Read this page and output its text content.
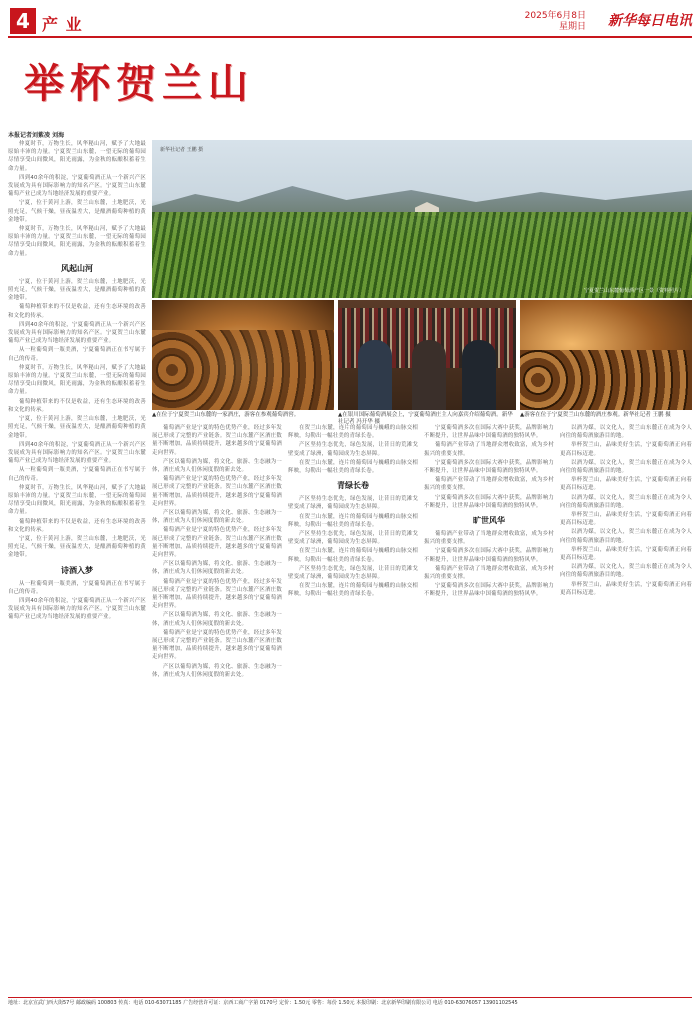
4 产 业	2025年6月8日
星期日 新华每日电讯
举杯贺兰山
本报记者刘紫凌 刘海
新华社记者 王鹏 摄
宁夏贺兰山东麓葡萄酒产区一景（资料照片）
▲在位于宁夏贺兰山东麓的一家酒庄，游客在参观葡萄酒窖。	▲在银川国际葡萄酒展会上，宁夏葡萄酒庄主人向嘉宾介绍葡萄酒。新华社记者 冯开华 摄
▲游客在位于宁夏贺兰山东麓的酒庄参观。新华社记者 王鹏 摄
仲夏时节，万物生长，风华秘山河，赋予了大地最原始丰沛的力量。宁夏贺兰山东麓，一望无际的葡萄园尽情享受山间微风，阳光雨露，为金秋的酝酿积蓄着生命力量。
四到40余年的积淀，宁夏葡萄酒正从一个新兴产区发展成为具有国际影响力的知名产区。宁夏贺兰山东麓葡萄产业已成为当地经济发展的重要产业。
宁夏，位于黄河上游，贺兰山东麓，土地肥沃，光照充足，气候干燥，昼夜温差大，是酿酒葡萄种植的黄金地带。
仲夏时节，万物生长，风华秘山河，赋予了大地最原始丰沛的力量。宁夏贺兰山东麓，一望无际的葡萄园尽情享受山间微风，阳光雨露，为金秋的酝酿积蓄着生命力量。
风起山河
宁夏，位于黄河上游，贺兰山东麓，土地肥沃，光照充足，气候干燥，昼夜温差大，是酿酒葡萄种植的黄金地带。
葡萄种植带来的不仅是收益，还有生态环境的改善和文化的传承。
四到40余年的积淀，宁夏葡萄酒正从一个新兴产区发展成为具有国际影响力的知名产区。宁夏贺兰山东麓葡萄产业已成为当地经济发展的重要产业。
从一粒葡萄到一瓶美酒，宁夏葡萄酒正在书写属于自己的传奇。
仲夏时节，万物生长，风华秘山河，赋予了大地最原始丰沛的力量。宁夏贺兰山东麓，一望无际的葡萄园尽情享受山间微风，阳光雨露，为金秋的酝酿积蓄着生命力量。
葡萄种植带来的不仅是收益，还有生态环境的改善和文化的传承。
宁夏，位于黄河上游，贺兰山东麓，土地肥沃，光照充足，气候干燥，昼夜温差大，是酿酒葡萄种植的黄金地带。
四到40余年的积淀，宁夏葡萄酒正从一个新兴产区发展成为具有国际影响力的知名产区。宁夏贺兰山东麓葡萄产业已成为当地经济发展的重要产业。
从一粒葡萄到一瓶美酒，宁夏葡萄酒正在书写属于自己的传奇。
仲夏时节，万物生长，风华秘山河，赋予了大地最原始丰沛的力量。宁夏贺兰山东麓，一望无际的葡萄园尽情享受山间微风，阳光雨露，为金秋的酝酿积蓄着生命力量。
葡萄种植带来的不仅是收益，还有生态环境的改善和文化的传承。
宁夏，位于黄河上游，贺兰山东麓，土地肥沃，光照充足，气候干燥，昼夜温差大，是酿酒葡萄种植的黄金地带。
诗酒入梦
从一粒葡萄到一瓶美酒，宁夏葡萄酒正在书写属于自己的传奇。
四到40余年的积淀，宁夏葡萄酒正从一个新兴产区发展成为具有国际影响力的知名产区。宁夏贺兰山东麓葡萄产业已成为当地经济发展的重要产业。
葡萄酒产业是宁夏的特色优势产业，经过多年发展已形成了完整的产业链条。贺兰山东麓产区酒庄数量不断增加，品质持续提升，越来越多的宁夏葡萄酒走向世界。
产区以葡萄酒为媒，将文化、旅游、生态融为一体，酒庄成为人们休闲度假的新去处。
葡萄酒产业是宁夏的特色优势产业，经过多年发展已形成了完整的产业链条。贺兰山东麓产区酒庄数量不断增加，品质持续提升，越来越多的宁夏葡萄酒走向世界。
产区以葡萄酒为媒，将文化、旅游、生态融为一体，酒庄成为人们休闲度假的新去处。
葡萄酒产业是宁夏的特色优势产业，经过多年发展已形成了完整的产业链条。贺兰山东麓产区酒庄数量不断增加，品质持续提升，越来越多的宁夏葡萄酒走向世界。
产区以葡萄酒为媒，将文化、旅游、生态融为一体，酒庄成为人们休闲度假的新去处。
葡萄酒产业是宁夏的特色优势产业，经过多年发展已形成了完整的产业链条。贺兰山东麓产区酒庄数量不断增加，品质持续提升，越来越多的宁夏葡萄酒走向世界。
产区以葡萄酒为媒，将文化、旅游、生态融为一体，酒庄成为人们休闲度假的新去处。
葡萄酒产业是宁夏的特色优势产业，经过多年发展已形成了完整的产业链条。贺兰山东麓产区酒庄数量不断增加，品质持续提升，越来越多的宁夏葡萄酒走向世界。
产区以葡萄酒为媒，将文化、旅游、生态融为一体，酒庄成为人们休闲度假的新去处。
在贺兰山东麓，连片的葡萄园与巍峨的山脉交相辉映，勾勒出一幅壮美的青绿长卷。
产区坚持生态优先，绿色发展，让昔日的荒滩戈壁变成了绿洲，葡萄园成为生态屏障。
在贺兰山东麓，连片的葡萄园与巍峨的山脉交相辉映，勾勒出一幅壮美的青绿长卷。
青绿长卷
产区坚持生态优先，绿色发展，让昔日的荒滩戈壁变成了绿洲，葡萄园成为生态屏障。
在贺兰山东麓，连片的葡萄园与巍峨的山脉交相辉映，勾勒出一幅壮美的青绿长卷。
产区坚持生态优先，绿色发展，让昔日的荒滩戈壁变成了绿洲，葡萄园成为生态屏障。
在贺兰山东麓，连片的葡萄园与巍峨的山脉交相辉映，勾勒出一幅壮美的青绿长卷。
产区坚持生态优先，绿色发展，让昔日的荒滩戈壁变成了绿洲，葡萄园成为生态屏障。
在贺兰山东麓，连片的葡萄园与巍峨的山脉交相辉映，勾勒出一幅壮美的青绿长卷。
宁夏葡萄酒多次在国际大赛中获奖，品牌影响力不断提升，让世界品味中国葡萄酒的独特风华。
葡萄酒产业带动了当地群众增收致富，成为乡村振兴的重要支撑。
宁夏葡萄酒多次在国际大赛中获奖，品牌影响力不断提升，让世界品味中国葡萄酒的独特风华。
葡萄酒产业带动了当地群众增收致富，成为乡村振兴的重要支撑。
宁夏葡萄酒多次在国际大赛中获奖，品牌影响力不断提升，让世界品味中国葡萄酒的独特风华。
旷世风华
葡萄酒产业带动了当地群众增收致富，成为乡村振兴的重要支撑。
宁夏葡萄酒多次在国际大赛中获奖，品牌影响力不断提升，让世界品味中国葡萄酒的独特风华。
葡萄酒产业带动了当地群众增收致富，成为乡村振兴的重要支撑。
宁夏葡萄酒多次在国际大赛中获奖，品牌影响力不断提升，让世界品味中国葡萄酒的独特风华。
以酒为媒，以文化人，贺兰山东麓正在成为令人向往的葡萄酒旅游目的地。
举杯贺兰山，品味美好生活，宁夏葡萄酒正向着更高目标迈进。
以酒为媒，以文化人，贺兰山东麓正在成为令人向往的葡萄酒旅游目的地。
举杯贺兰山，品味美好生活，宁夏葡萄酒正向着更高目标迈进。
以酒为媒，以文化人，贺兰山东麓正在成为令人向往的葡萄酒旅游目的地。
举杯贺兰山，品味美好生活，宁夏葡萄酒正向着更高目标迈进。
以酒为媒，以文化人，贺兰山东麓正在成为令人向往的葡萄酒旅游目的地。
举杯贺兰山，品味美好生活，宁夏葡萄酒正向着更高目标迈进。
以酒为媒，以文化人，贺兰山东麓正在成为令人向往的葡萄酒旅游目的地。
举杯贺兰山，品味美好生活，宁夏葡萄酒正向着更高目标迈进。
地址：北京宣武门西大街57号 邮政编码 100803 传真：电话 010-63071185 广告经营许可证：京西工商广字第 0170号 定价：1.50元 零售：每份 1.50元 本报印刷：北京新华印刷有限公司 电话 010-63076057 13901102545
